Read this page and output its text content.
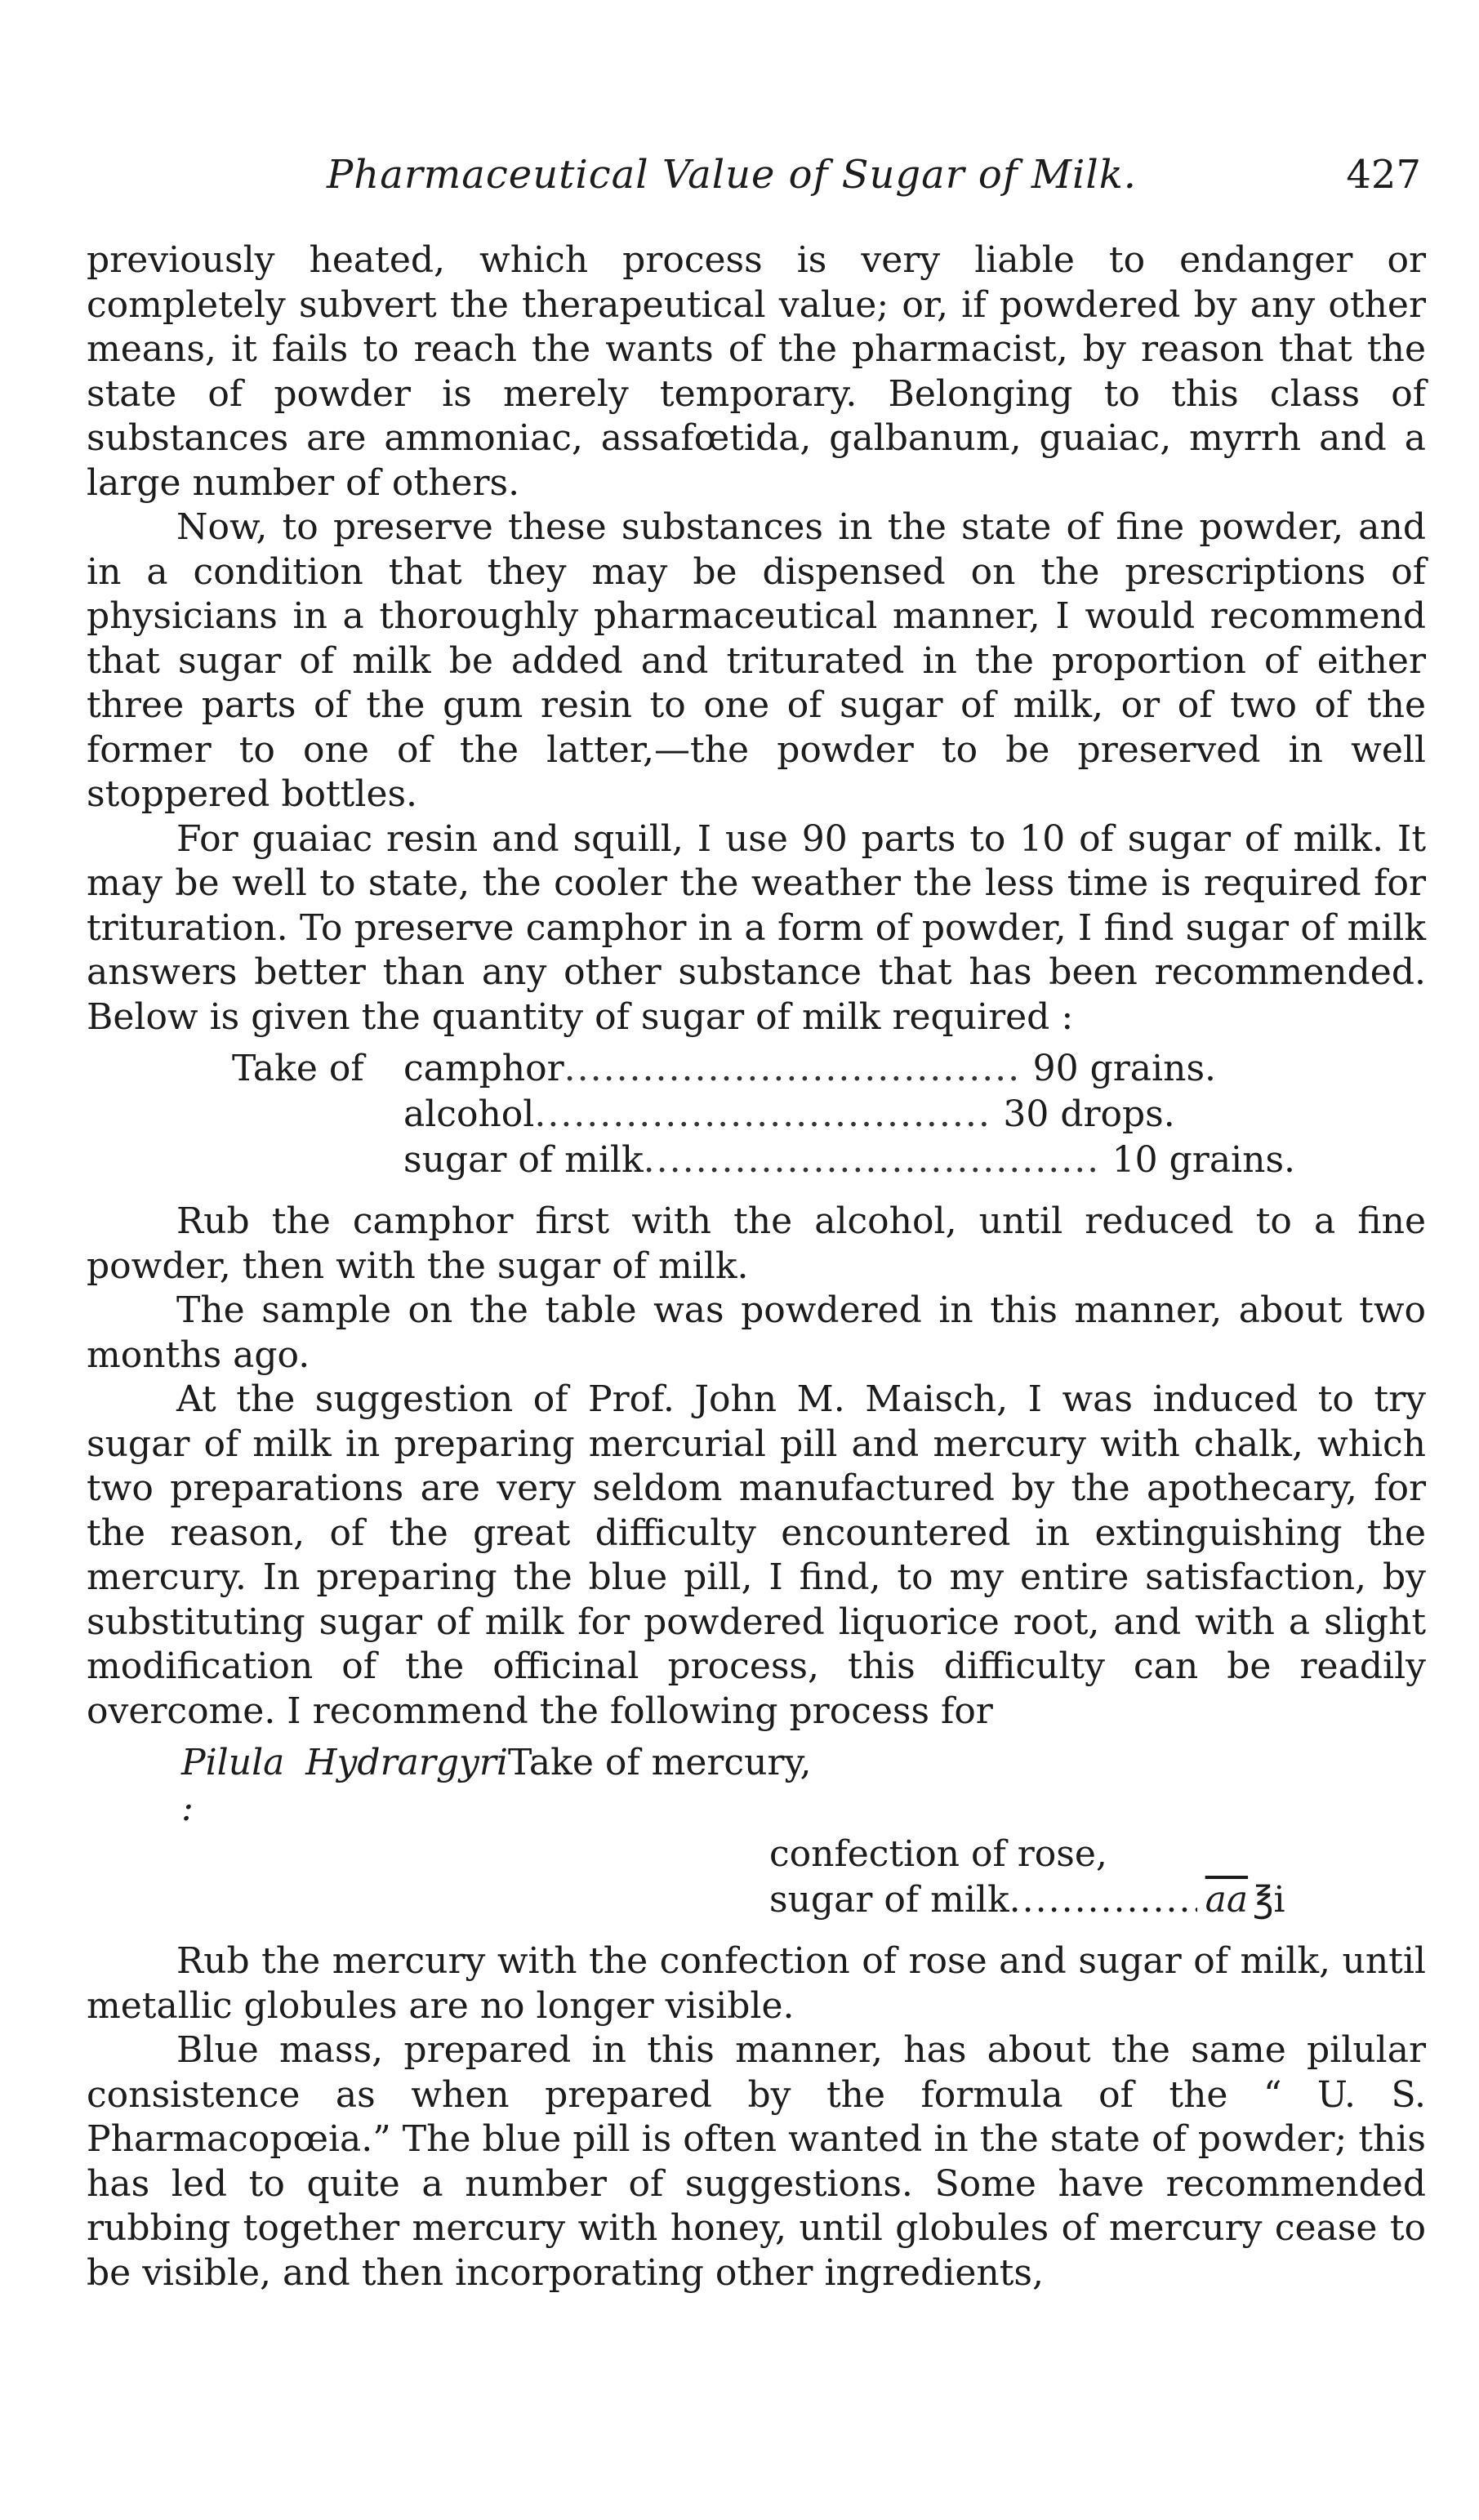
Pharmaceutical Value of Sugar of Milk.	427

previously heated, which process is very liable to endanger or completely subvert the therapeutical value; or, if powdered by any other means, it fails to reach the wants of the pharmacist, by reason that the state of powder is merely temporary. Belonging to this class of substances are ammoniac, assafœtida, galbanum, guaiac, myrrh and a large number of others.

Now, to preserve these substances in the state of fine powder, and in a condition that they may be dispensed on the prescriptions of physicians in a thoroughly pharmaceutical manner, I would recommend that sugar of milk be added and triturated in the proportion of either three parts of the gum resin to one of sugar of milk, or of two of the former to one of the latter,—the powder to be preserved in well stoppered bottles.

For guaiac resin and squill, I use 90 parts to 10 of sugar of milk. It may be well to state, the cooler the weather the less time is required for trituration. To preserve camphor in a form of powder, I find sugar of milk answers better than any other substance that has been recommended. Below is given the quantity of sugar of milk required :

Take of	camphor .....	90 grains.
alcohol .....	30 drops.
sugar of milk .....	10 grains.

Rub the camphor first with the alcohol, until reduced to a fine powder, then with the sugar of milk.

The sample on the table was powdered in this manner, about two months ago.

At the suggestion of Prof. John M. Maisch, I was induced to try sugar of milk in preparing mercurial pill and mercury with chalk, which two preparations are very seldom manufactured by the apothecary, for the reason, of the great difficulty encountered in extinguishing the mercury. In preparing the blue pill, I find, to my entire satisfaction, by substituting sugar of milk for powdered liquorice root, and with a slight modification of the officinal process, this difficulty can be readily overcome. I recommend the following process for

Pilula Hydrargyri :
Take of
mercury,
confection of rose,
sugar of milk .....	$\overline{aa}$ ℥i

Rub the mercury with the confection of rose and sugar of milk, until metallic globules are no longer visible.

Blue mass, prepared in this manner, has about the same pilular consistence as when prepared by the formula of the “ U. S. Pharmacopœia.” The blue pill is often wanted in the state of powder; this has led to quite a number of suggestions. Some have recommended rubbing together mercury with honey, until globules of mercury cease to be visible, and then incorporating other ingredients,
